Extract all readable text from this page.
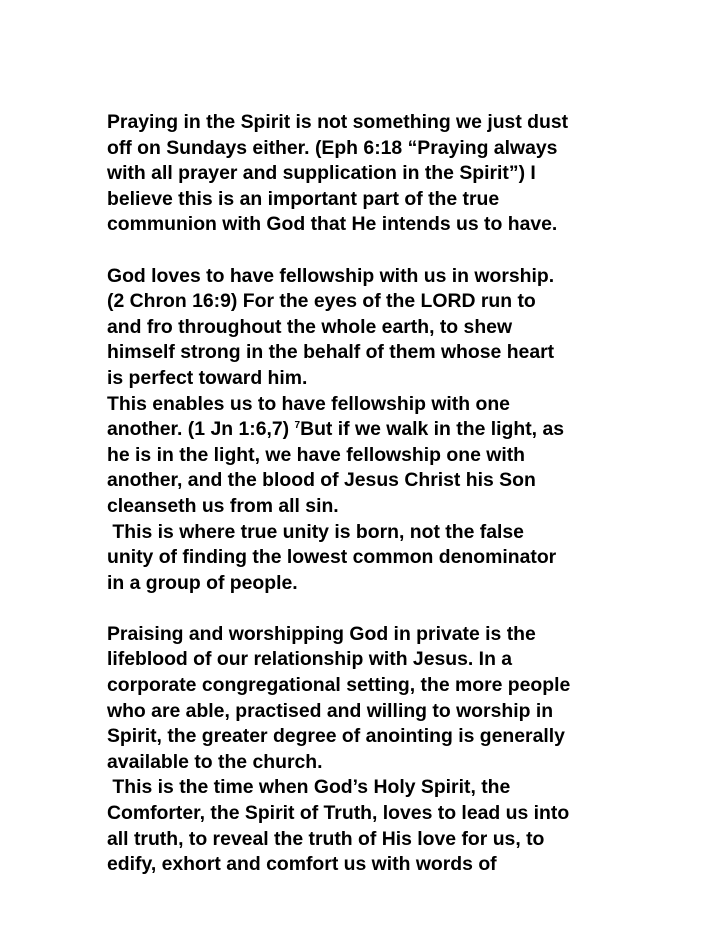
Praying in the Spirit is not something we just dust
off on Sundays either. (Eph 6:18 “Praying always
with all prayer and supplication in the Spirit”) I
believe this is an important part of the true
communion with God that He intends us to have.
God loves to have fellowship with us in worship.
(2 Chron 16:9) For the eyes of the LORD run to
and fro throughout the whole earth, to shew
himself strong in the behalf of them whose heart
is perfect toward him.
This enables us to have fellowship with one
another. (1 Jn 1:6,7) $^7$But if we walk in the light, as
he is in the light, we have fellowship one with
another, and the blood of Jesus Christ his Son
cleanseth us from all sin.
This is where true unity is born, not the false
unity of finding the lowest common denominator
in a group of people.
Praising and worshipping God in private is the
lifeblood of our relationship with Jesus. In a
corporate congregational setting, the more people
who are able, practised and willing to worship in
Spirit, the greater degree of anointing is generally
available to the church.
This is the time when God’s Holy Spirit, the
Comforter, the Spirit of Truth, loves to lead us into
all truth, to reveal the truth of His love for us, to
edify, exhort and comfort us with words of
